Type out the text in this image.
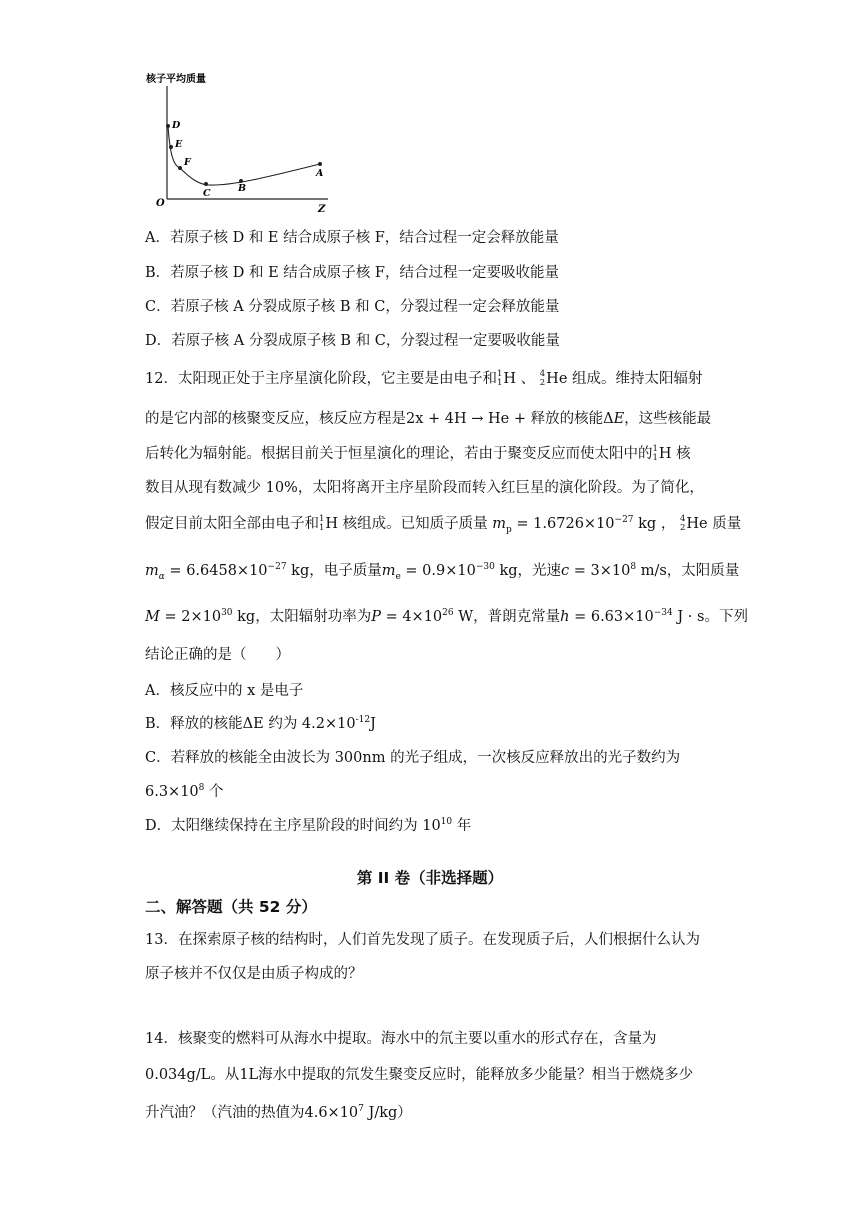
核子平均质量
O
Z
D
E
F
C	B
A
A．若原子核 D 和 E 结合成原子核 F，结合过程一定会释放能量
B．若原子核 D 和 E 结合成原子核 F，结合过程一定要吸收能量
C．若原子核 A 分裂成原子核 B 和 C，分裂过程一定会释放能量
D．若原子核 A 分裂成原子核 B 和 C，分裂过程一定要吸收能量
12．太阳现正处于主序星演化阶段，它主要是由电子和 1
1 H 、 4
2 He 组成。维持太阳辐射
的是它内部的核聚变反应，核反应方程是2x + 4H → He + 释放的核能ΔE，这些核能最
后转化为辐射能。根据目前关于恒星演化的理论，若由于聚变反应而使太阳中的 1
1 H 核
数目从现有数减少 10%，太阳将离开主序星阶段而转入红巨星的演化阶段。为了简化，
假定目前太阳全部由电子和 1
1 H 核组成。已知质子质量 $m_p = 1.6726\times 10^{-27}$ kg ， 4
2 He 质量
$m_\alpha = 6.6458\times 10^{-27}$ kg，电子质量$m_e = 0.9\times 10^{-30}$ kg，光速$c = 3\times 10^8$ m/s，太阳质量
$M = 2\times 10^{30}$ kg，太阳辐射功率为$P = 4\times 10^{26}$ W，普朗克常量$h = 6.63\times 10^{-34}$ J · s。下列
结论正确的是（　　）
A．核反应中的 x 是电子
B．释放的核能ΔE 约为 $4.2\times 10^{-12}J$
C．若释放的核能全由波长为 300nm 的光子组成，一次核反应释放出的光子数约为
$6.3\times 10^8$ 个
D．太阳继续保持在主序星阶段的时间约为 $10^{10}$ 年
第 II 卷（非选择题）
二、解答题（共 52 分）
13．在探索原子核的结构时，人们首先发现了质子。在发现质子后，人们根据什么认为
原子核并不仅仅是由质子构成的？
14．核聚变的燃料可从海水中提取。海水中的氘主要以重水的形式存在，含量为
0.034g/L。从1L海水中提取的氘发生聚变反应时，能释放多少能量？相当于燃烧多少
升汽油？（汽油的热值为$4.6\times 10^7$ J/kg）
